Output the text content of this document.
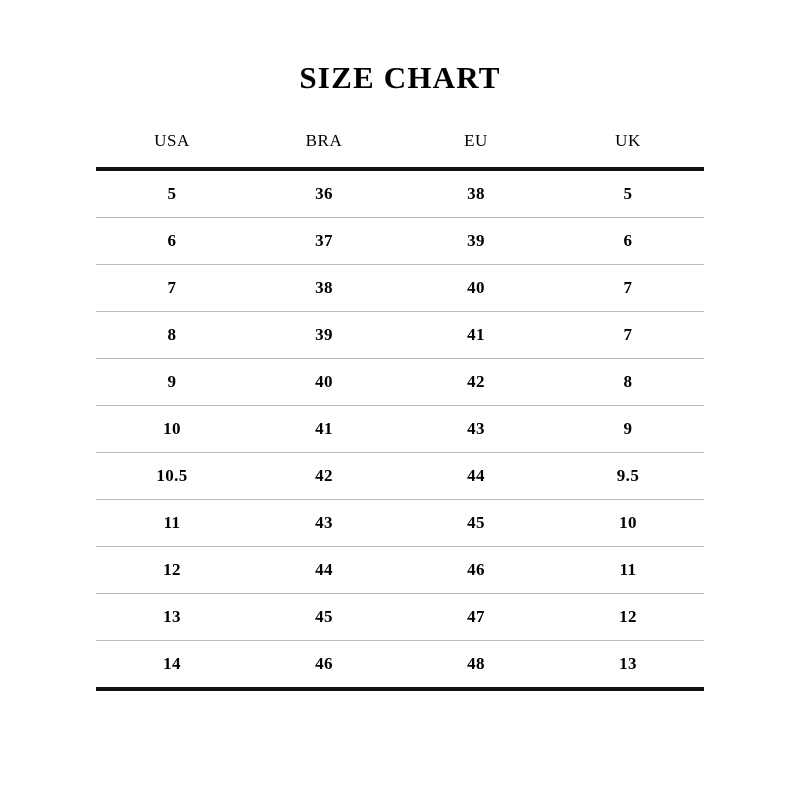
SIZE CHART
USA	BRA	EU	UK
5	36	38	5
6	37	39	6
7	38	40	7
8	39	41	7
9	40	42	8
10	41	43	9
10.5	42	44	9.5
11	43	45	10
12	44	46	11
13	45	47	12
14	46	48	13
